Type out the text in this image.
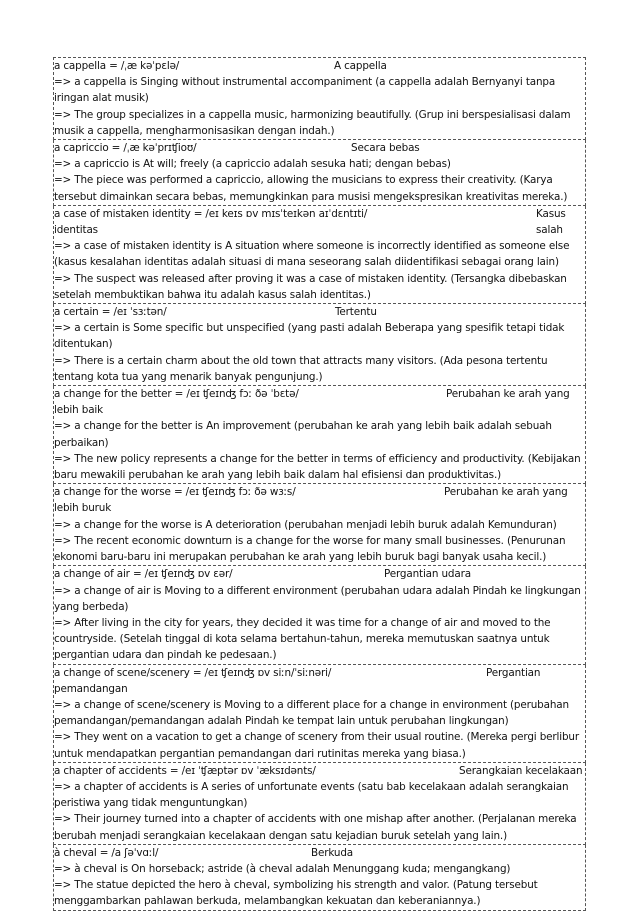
a cappella = /ˌæ kəˈpɛlə/	A cappella
=> a cappella is Singing without instrumental accompaniment (a cappella adalah Bernyanyi tanpa iringan alat musik)
=> The group specializes in a cappella music, harmonizing beautifully. (Grup ini berspesialisasi dalam musik a cappella, mengharmonisasikan dengan indah.)
a capriccio = /ˌæ kəˈprɪʧioʊ/	Secara bebas
=> a capriccio is At will; freely (a capriccio adalah sesuka hati; dengan bebas)
=> The piece was performed a capriccio, allowing the musicians to express their creativity. (Karya tersebut dimainkan secara bebas, memungkinkan para musisi mengekspresikan kreativitas mereka.)
a case of mistaken identity = /eɪ keɪs ɒv mɪsˈteɪkən aɪˈdɛntɪti/	Kasus salah
identitas
=> a case of mistaken identity is A situation where someone is incorrectly identified as someone else (kasus kesalahan identitas adalah situasi di mana seseorang salah diidentifikasi sebagai orang lain)
=> The suspect was released after proving it was a case of mistaken identity. (Tersangka dibebaskan setelah membuktikan bahwa itu adalah kasus salah identitas.)
a certain = /eɪ ˈsɜːtən/	Tertentu
=> a certain is Some specific but unspecified (yang pasti adalah Beberapa yang spesifik tetapi tidak ditentukan)
=> There is a certain charm about the old town that attracts many visitors. (Ada pesona tertentu tentang kota tua yang menarik banyak pengunjung.)
a change for the better = /eɪ ʧeɪnʤ fɔː ðə ˈbɛtə/	Perubahan ke arah yang
lebih baik
=> a change for the better is An improvement (perubahan ke arah yang lebih baik adalah sebuah perbaikan)
=> The new policy represents a change for the better in terms of efficiency and productivity. (Kebijakan baru mewakili perubahan ke arah yang lebih baik dalam hal efisiensi dan produktivitas.)
a change for the worse = /eɪ ʧeɪnʤ fɔː ðə wɜːs/	Perubahan ke arah yang
lebih buruk
=> a change for the worse is A deterioration (perubahan menjadi lebih buruk adalah Kemunduran)
=> The recent economic downturn is a change for the worse for many small businesses. (Penurunan ekonomi baru-baru ini merupakan perubahan ke arah yang lebih buruk bagi banyak usaha kecil.)
a change of air = /eɪ ʧeɪnʤ ɒv ɛər/	Pergantian udara
=> a change of air is Moving to a different environment (perubahan udara adalah Pindah ke lingkungan yang berbeda)
=> After living in the city for years, they decided it was time for a change of air and moved to the countryside. (Setelah tinggal di kota selama bertahun-tahun, mereka memutuskan saatnya untuk pergantian udara dan pindah ke pedesaan.)
a change of scene/scenery = /eɪ ʧeɪnʤ ɒv siːn/ˈsiːnəri/	Pergantian
pemandangan
=> a change of scene/scenery is Moving to a different place for a change in environment (perubahan pemandangan/pemandangan adalah Pindah ke tempat lain untuk perubahan lingkungan)
=> They went on a vacation to get a change of scenery from their usual routine. (Mereka pergi berlibur untuk mendapatkan pergantian pemandangan dari rutinitas mereka yang biasa.)
a chapter of accidents = /eɪ ˈʧæptər ɒv ˈæksɪdənts/	Serangkaian kecelakaan
=> a chapter of accidents is A series of unfortunate events (satu bab kecelakaan adalah serangkaian peristiwa yang tidak menguntungkan)
=> Their journey turned into a chapter of accidents with one mishap after another. (Perjalanan mereka berubah menjadi serangkaian kecelakaan dengan satu kejadian buruk setelah yang lain.)
à cheval = /a ʃəˈvɑːl/	Berkuda
=> à cheval is On horseback; astride (à cheval adalah Menunggang kuda; mengangkang)
=> The statue depicted the hero à cheval, symbolizing his strength and valor. (Patung tersebut menggambarkan pahlawan berkuda, melambangkan kekuatan dan keberaniannya.)
